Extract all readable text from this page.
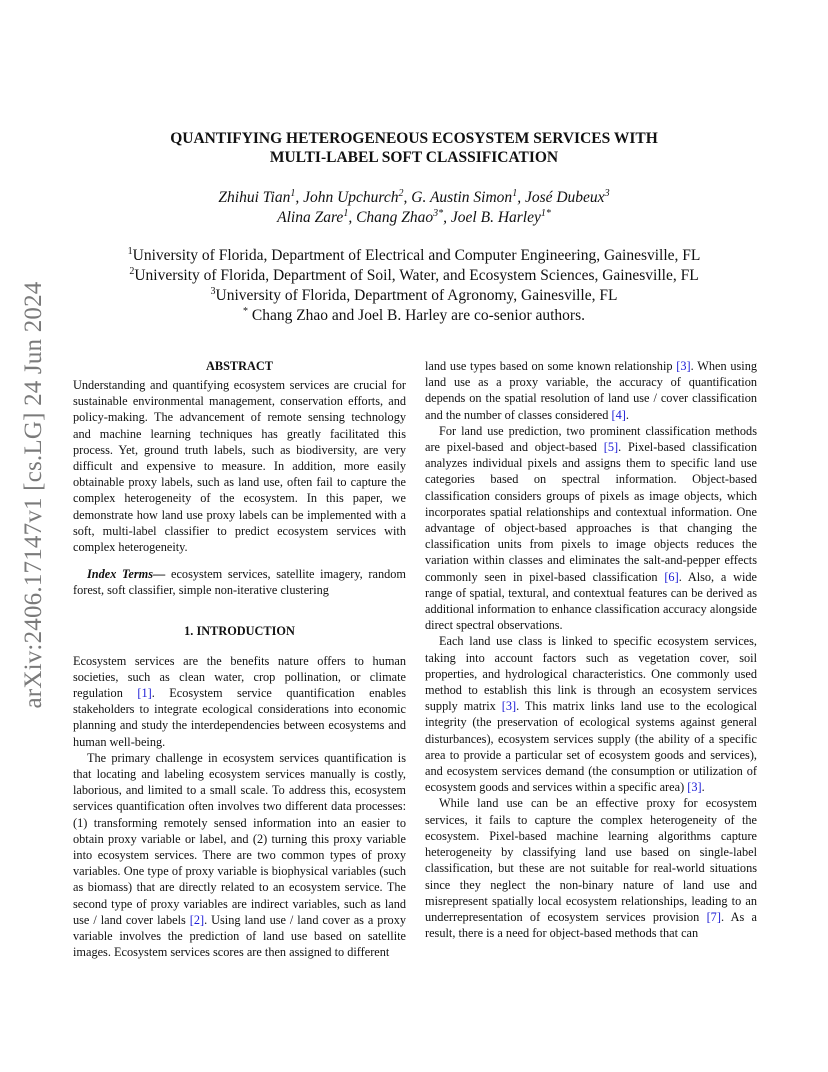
arXiv:2406.17147v1 [cs.LG] 24 Jun 2024
QUANTIFYING HETEROGENEOUS ECOSYSTEM SERVICES WITH
MULTI-LABEL SOFT CLASSIFICATION
Zhihui Tian$^1$, John Upchurch$^2$, G. Austin Simon$^1$, José Dubeux$^3$
Alina Zare$^1$, Chang Zhao$^{3*}$, Joel B. Harley$^{1*}$
$^1$University of Florida, Department of Electrical and Computer Engineering, Gainesville, FL
$^2$University of Florida, Department of Soil, Water, and Ecosystem Sciences, Gainesville, FL
$^3$University of Florida, Department of Agronomy, Gainesville, FL
* Chang Zhao and Joel B. Harley are co-senior authors.
ABSTRACT

Understanding and quantifying ecosystem services are crucial for sustainable environmental management, conservation efforts, and policy-making. The advancement of remote sensing technology and machine learning techniques has greatly facilitated this process. Yet, ground truth labels, such as biodiversity, are very difficult and expensive to measure. In addition, more easily obtainable proxy labels, such as land use, often fail to capture the complex heterogeneity of the ecosystem. In this paper, we demonstrate how land use proxy labels can be implemented with a soft, multi-label classifier to predict ecosystem services with complex heterogeneity.

Index Terms— ecosystem services, satellite imagery, random forest, soft classifier, simple non-iterative clustering

1. INTRODUCTION

Ecosystem services are the benefits nature offers to human societies, such as clean water, crop pollination, or climate regulation [ 1 ] . Ecosystem service quantification enables stakeholders to integrate ecological considerations into economic planning and study the interdependencies between ecosystems and human well-being.

The primary challenge in ecosystem services quantification is that locating and labeling ecosystem services manually is costly, laborious, and limited to a small scale. To address this, ecosystem services quantification often involves two different data processes: (1) transforming remotely sensed information into an easier to obtain proxy variable or label, and (2) turning this proxy variable into ecosystem services. There are two common types of proxy variables. One type of proxy variable is biophysical variables (such as biomass) that are directly related to an ecosystem service. The second type of proxy variables are indirect variables, such as land use / land cover labels [ 2 ] . Using land use / land cover as a proxy variable involves the prediction of land use based on satellite images. Ecosystem services scores are then assigned to different

land use types based on some known relationship [ 3 ] . When using land use as a proxy variable, the accuracy of quantification depends on the spatial resolution of land use / cover classification and the number of classes considered [ 4 ] .

For land use prediction, two prominent classification methods are pixel-based and object-based [ 5 ] . Pixel-based classification analyzes individual pixels and assigns them to specific land use categories based on spectral information. Object-based classification considers groups of pixels as image objects, which incorporates spatial relationships and contextual information. One advantage of object-based approaches is that changing the classification units from pixels to image objects reduces the variation within classes and eliminates the salt-and-pepper effects commonly seen in pixel-based classification [ 6 ] . Also, a wide range of spatial, textural, and contextual features can be derived as additional information to enhance classification accuracy alongside direct spectral observations.

Each land use class is linked to specific ecosystem services, taking into account factors such as vegetation cover, soil properties, and hydrological characteristics. One commonly used method to establish this link is through an ecosystem services supply matrix [ 3 ] . This matrix links land use to the ecological integrity (the preservation of ecological systems against general disturbances), ecosystem services supply (the ability of a specific area to provide a particular set of ecosystem goods and services), and ecosystem services demand (the consumption or utilization of ecosystem goods and services within a specific area) [ 3 ] .

While land use can be an effective proxy for ecosystem services, it fails to capture the complex heterogeneity of the ecosystem. Pixel-based machine learning algorithms capture heterogeneity by classifying land use based on single-label classification, but these are not suitable for real-world situations since they neglect the non-binary nature of land use and misrepresent spatially local ecosystem relationships, leading to an underrepresentation of ecosystem services provision [ 7 ] . As a result, there is a need for object-based methods that can
